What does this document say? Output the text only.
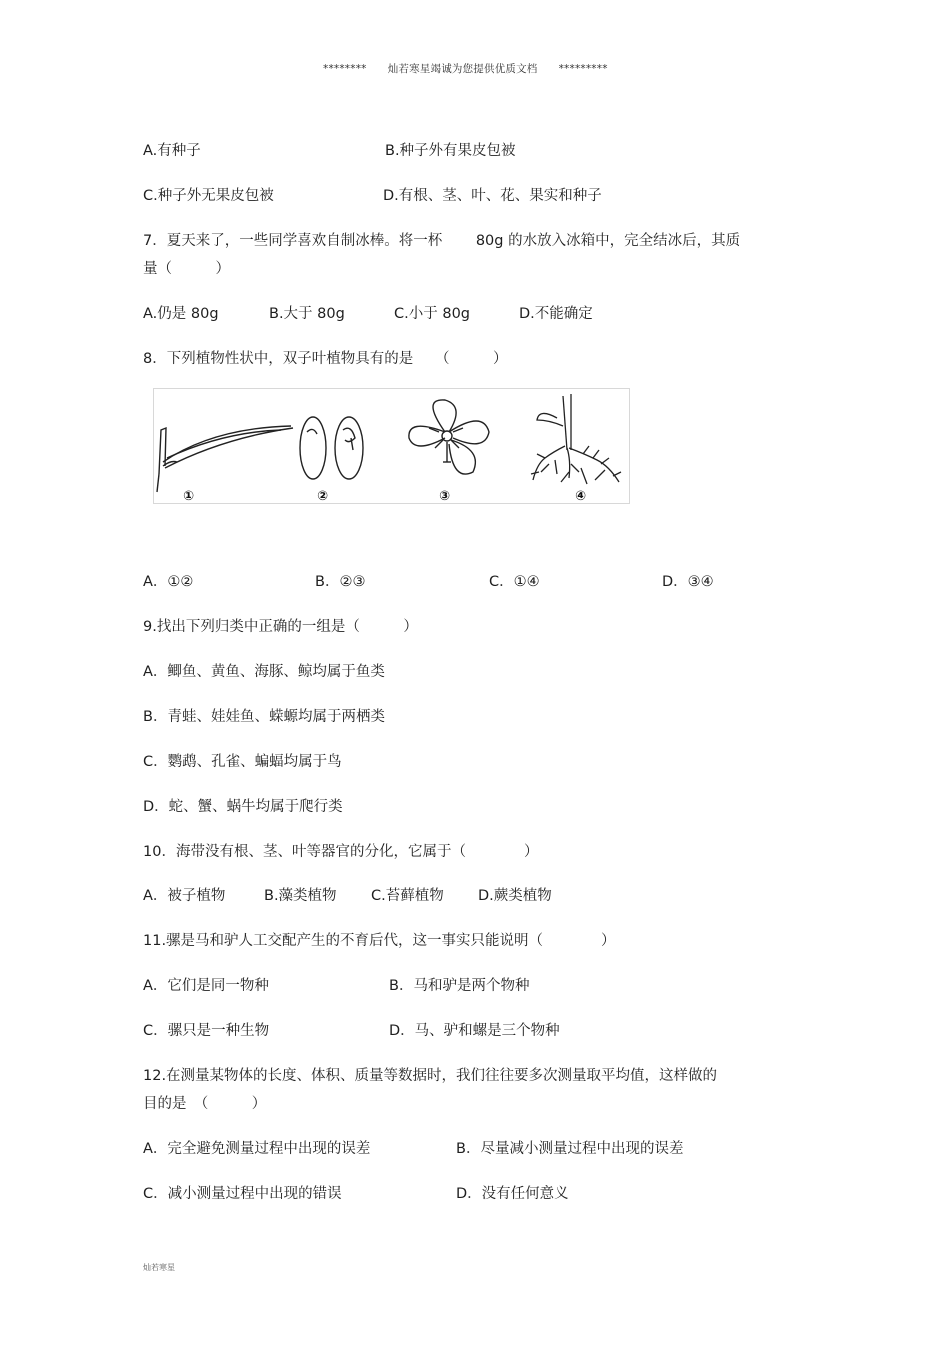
******** 灿若寒星竭诚为您提供优质文档 *********
A.有种子	B.种子外有果皮包被
C.种子外无果皮包被	D.有根、茎、叶、花、果实和种子
7．夏天来了，一些同学喜欢自制冰棒。将一杯　　 80g 的水放入冰箱中，完全结冰后，其质
量（　　　）
A.仍是 80g	B.大于 80g	C.小于 80g	D.不能确定
8．下列植物性状中，双子叶植物具有的是　　（　　　）
①	②	③	④
A．①②	B．②③	C．①④	D．③④
9.找出下列归类中正确的一组是（　　　）
A．鲫鱼、黄鱼、海豚、鲸均属于鱼类
B．青蛙、娃娃鱼、蝾螈均属于两栖类
C．鹦鹉、孔雀、蝙蝠均属于鸟
D．蛇、蟹、蜗牛均属于爬行类
10．海带没有根、茎、叶等器官的分化，它属于（　　　　）
A．被子植物	B.藻类植物 C.苔藓植物 D.蕨类植物
11.骡是马和驴人工交配产生的不育后代，这一事实只能说明（　　　　）
A．它们是同一物种	B．马和驴是两个物种
C．骡只是一种生物	D．马、驴和螺是三个物种
12.在测量某物体的长度、体积、质量等数据时，我们往往要多次测量取平均值，这样做的
目的是　（　　　）
A．完全避免测量过程中出现的误差	B．尽量减小测量过程中出现的误差
C．减小测量过程中出现的错误	D．没有任何意义
灿若寒星
